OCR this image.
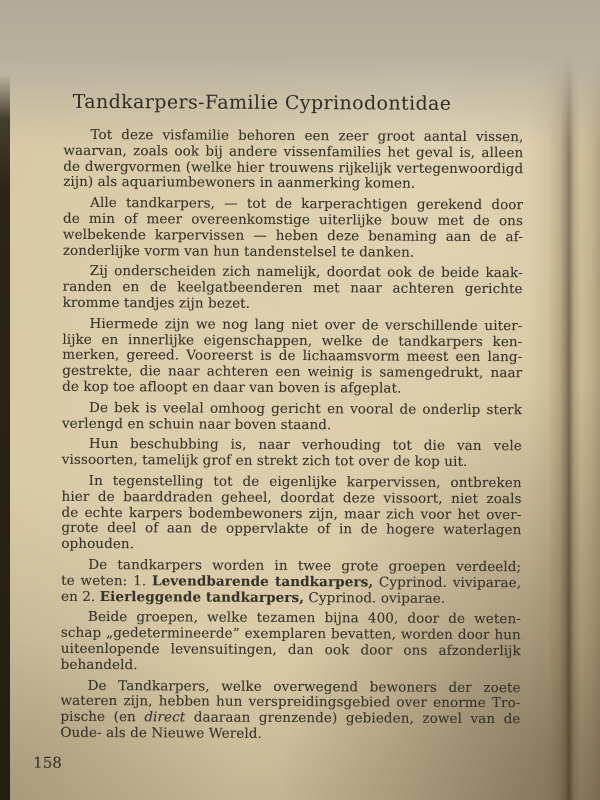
Tandkarpers-Familie Cyprinodontidae
Tot deze visfamilie behoren een zeer groot aantal vissen,
waarvan, zoals ook bij andere vissenfamilies het geval is, alleen
de dwergvormen (welke hier trouwens rijkelijk vertegenwoordigd
zijn) als aquariumbewoners in aanmerking komen.
Alle tandkarpers, — tot de karperachtigen gerekend door
de min of meer overeenkomstige uiterlijke bouw met de ons
welbekende karpervissen — heben deze benaming aan de af-
zonderlijke vorm van hun tandenstelsel te danken.
Zij onderscheiden zich namelijk, doordat ook de beide kaak-
randen en de keelgatbeenderen met naar achteren gerichte
kromme tandjes zijn bezet.
Hiermede zijn we nog lang niet over de verschillende uiter-
lijke en innerlijke eigenschappen, welke de tandkarpers ken-
merken, gereed. Vooreerst is de lichaamsvorm meest een lang-
gestrekte, die naar achteren een weinig is samengedrukt, naar
de kop toe afloopt en daar van boven is afgeplat.
De bek is veelal omhoog gericht en vooral de onderlip sterk
verlengd en schuin naar boven staand.
Hun beschubbing is, naar verhouding tot die van vele
vissoorten, tamelijk grof en strekt zich tot over de kop uit.
In tegenstelling tot de eigenlijke karpervissen, ontbreken
hier de baarddraden geheel, doordat deze vissoort, niet zoals
de echte karpers bodembewoners zijn, maar zich voor het over-
grote deel of aan de oppervlakte of in de hogere waterlagen
ophouden.
De tandkarpers worden in twee grote groepen verdeeld;
te weten: 1. Levendbarende tandkarpers, Cyprinod. viviparae,
en 2. Eierleggende tandkarpers, Cyprinod. oviparae.
Beide groepen, welke tezamen bijna 400, door de weten-
schap „gedetermineerde” exemplaren bevatten, worden door hun
uiteenlopende levensuitingen, dan ook door ons afzonderlijk
behandeld.
De Tandkarpers, welke overwegend bewoners der zoete
wateren zijn, hebben hun verspreidingsgebied over enorme Tro-
pische (en direct daaraan grenzende) gebieden, zowel van de
Oude- als de Nieuwe Wereld.
158
